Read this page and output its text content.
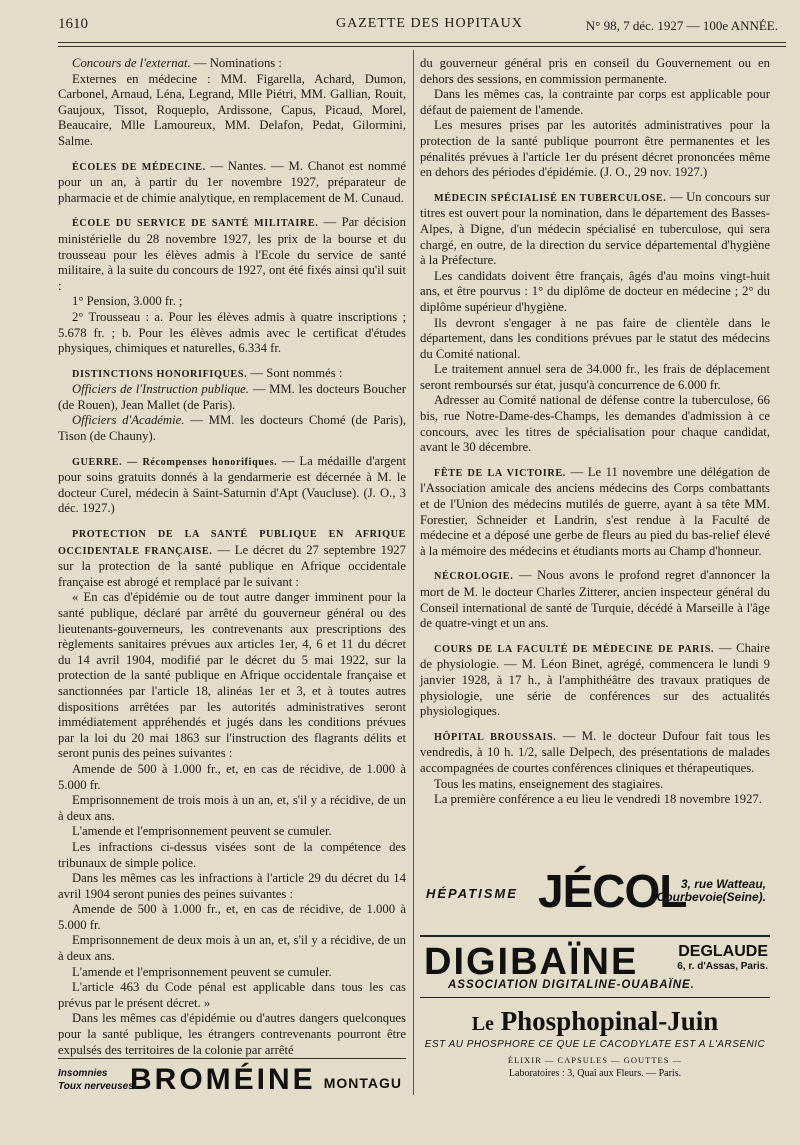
1610	GAZETTE DES HOPITAUX	N° 98, 7 déc. 1927 — 100e ANNÉE.

Concours de l'externat. — Nominations :

Externes en médecine : MM. Figarella, Achard, Dumon, Carbonel, Arnaud, Léna, Legrand, Mlle Piétri, MM. Gallian, Rouit, Gaujoux, Tissot, Roqueplo, Ardissone, Capus, Picaud, Morel, Beaucaire, Mlle Lamoureux, MM. Delafon, Pedat, Gilormini, Salme.

ÉCOLES DE MÉDECINE. — Nantes. — M. Chanot est nommé pour un an, à partir du 1er novembre 1927, préparateur de pharmacie et de chimie analytique, en remplacement de M. Cunaud.

ÉCOLE DU SERVICE DE SANTÉ MILITAIRE. — Par décision ministérielle du 28 novembre 1927, les prix de la bourse et du trousseau pour les élèves admis à l'Ecole du service de santé militaire, à la suite du concours de 1927, ont été fixés ainsi qu'il suit :

1° Pension, 3.000 fr. ;

2° Trousseau : a. Pour les élèves admis à quatre inscriptions ; 5.678 fr. ; b. Pour les élèves admis avec le certificat d'études physiques, chimiques et naturelles, 6.334 fr.

DISTINCTIONS HONORIFIQUES. — Sont nommés :

Officiers de l'Instruction publique. — MM. les docteurs Boucher (de Rouen), Jean Mallet (de Paris).

Officiers d'Académie. — MM. les docteurs Chomé (de Paris), Tison (de Chauny).

GUERRE. — Récompenses honorifiques. — La médaille d'argent pour soins gratuits donnés à la gendarmerie est décernée à M. le docteur Curel, médecin à Saint-Saturnin d'Apt (Vaucluse). (J. O., 3 déc. 1927.)

PROTECTION DE LA SANTÉ PUBLIQUE EN AFRIQUE OCCIDENTALE FRANÇAISE. — Le décret du 27 septembre 1927 sur la protection de la santé publique en Afrique occidentale française est abrogé et remplacé par le suivant :

« En cas d'épidémie ou de tout autre danger imminent pour la santé publique, déclaré par arrêté du gouverneur général ou des lieutenants-gouverneurs, les contrevenants aux prescriptions des règlements sanitaires prévues aux articles 1er, 4, 6 et 11 du décret du 14 avril 1904, modifié par le décret du 5 mai 1922, sur la protection de la santé publique en Afrique occidentale française et sanctionnées par l'article 18, alinéas 1er et 3, et à toutes autres dispositions arrêtées par les autorités administratives seront immédiatement appréhendés et jugés dans les conditions prévues par la loi du 20 mai 1863 sur l'instruction des flagrants délits et seront punis des peines suivantes :

Amende de 500 à 1.000 fr., et, en cas de récidive, de 1.000 à 5.000 fr.

Emprisonnement de trois mois à un an, et, s'il y a récidive, de un à deux ans.

L'amende et l'emprisonnement peuvent se cumuler.

Les infractions ci-dessus visées sont de la compétence des tribunaux de simple police.

Dans les mêmes cas les infractions à l'article 29 du décret du 14 avril 1904 seront punies des peines suivantes :

Amende de 500 à 1.000 fr., et, en cas de récidive, de 1.000 à 5.000 fr.

Emprisonnement de deux mois à un an, et, s'il y a récidive, de un à deux ans.

L'amende et l'emprisonnement peuvent se cumuler.

L'article 463 du Code pénal est applicable dans tous les cas prévus par le présent décret. »

Dans les mêmes cas d'épidémie ou d'autres dangers quelconques pour la santé publique, les étrangers contrevenants pourront être expulsés des territoires de la colonie par arrêté

du gouverneur général pris en conseil du Gouvernement ou en dehors des sessions, en commission permanente.

Dans les mêmes cas, la contrainte par corps est applicable pour défaut de paiement de l'amende.

Les mesures prises par les autorités administratives pour la protection de la santé publique pourront être permanentes et les pénalités prévues à l'article 1er du présent décret prononcées même en dehors des périodes d'épidémie. (J. O., 29 nov. 1927.)

MÉDECIN SPÉCIALISÉ EN TUBERCULOSE. — Un concours sur titres est ouvert pour la nomination, dans le département des Basses-Alpes, à Digne, d'un médecin spécialisé en tuberculose, qui sera chargé, en outre, de la direction du service départemental d'hygiène à la Préfecture.

Les candidats doivent être français, âgés d'au moins vingt-huit ans, et être pourvus : 1° du diplôme de docteur en médecine ; 2° du diplôme supérieur d'hygiène.

Ils devront s'engager à ne pas faire de clientèle dans le département, dans les conditions prévues par le statut des médecins du Comité national.

Le traitement annuel sera de 34.000 fr., les frais de déplacement seront remboursés sur état, jusqu'à concurrence de 6.000 fr.

Adresser au Comité national de défense contre la tuberculose, 66 bis, rue Notre-Dame-des-Champs, les demandes d'admission à ce concours, avec les titres de spécialisation pour chaque candidat, avant le 30 décembre.

FÊTE DE LA VICTOIRE. — Le 11 novembre une délégation de l'Association amicale des anciens médecins des Corps combattants et de l'Union des médecins mutilés de guerre, ayant à sa tête MM. Forestier, Schneider et Landrin, s'est rendue à la Faculté de médecine et a déposé une gerbe de fleurs au pied du bas-relief élevé à la mémoire des médecins et étudiants morts au Champ d'honneur.

NÉCROLOGIE. — Nous avons le profond regret d'annoncer la mort de M. le docteur Charles Zitterer, ancien inspecteur général du Conseil international de santé de Turquie, décédé à Marseille à l'âge de quatre-vingt et un ans.

COURS DE LA FACULTÉ DE MÉDECINE DE PARIS. — Chaire de physiologie. — M. Léon Binet, agrégé, commencera le lundi 9 janvier 1928, à 17 h., à l'amphithéâtre des travaux pratiques de physiologie, une série de conférences sur des actualités physiologiques.

HÔPITAL BROUSSAIS. — M. le docteur Dufour fait tous les vendredis, à 10 h. 1/2, salle Delpech, des présentations de malades accompagnées de courtes conférences cliniques et thérapeutiques.

Tous les matins, enseignement des stagiaires.

La première conférence a eu lieu le vendredi 18 novembre 1927.

HÉPATISME JÉCOL
3, rue Watteau,
Courbevoie(Seine).
DIGIBAÏNE DEGLAUDE
6, r. d'Assas, Paris.
ASSOCIATION DIGITALINE-OUABAÏNE.
Le Phosphopinal-Juin
EST AU PHOSPHORE CE QUE LE CACODYLATE EST A L'ARSENIC
ÉLIXIR — CAPSULES — GOUTTES —
Laboratoires : 3, Quai aux Fleurs. — Paris.
Insomnies
Toux nerveuses.
BROMÉINE MONTAGU
